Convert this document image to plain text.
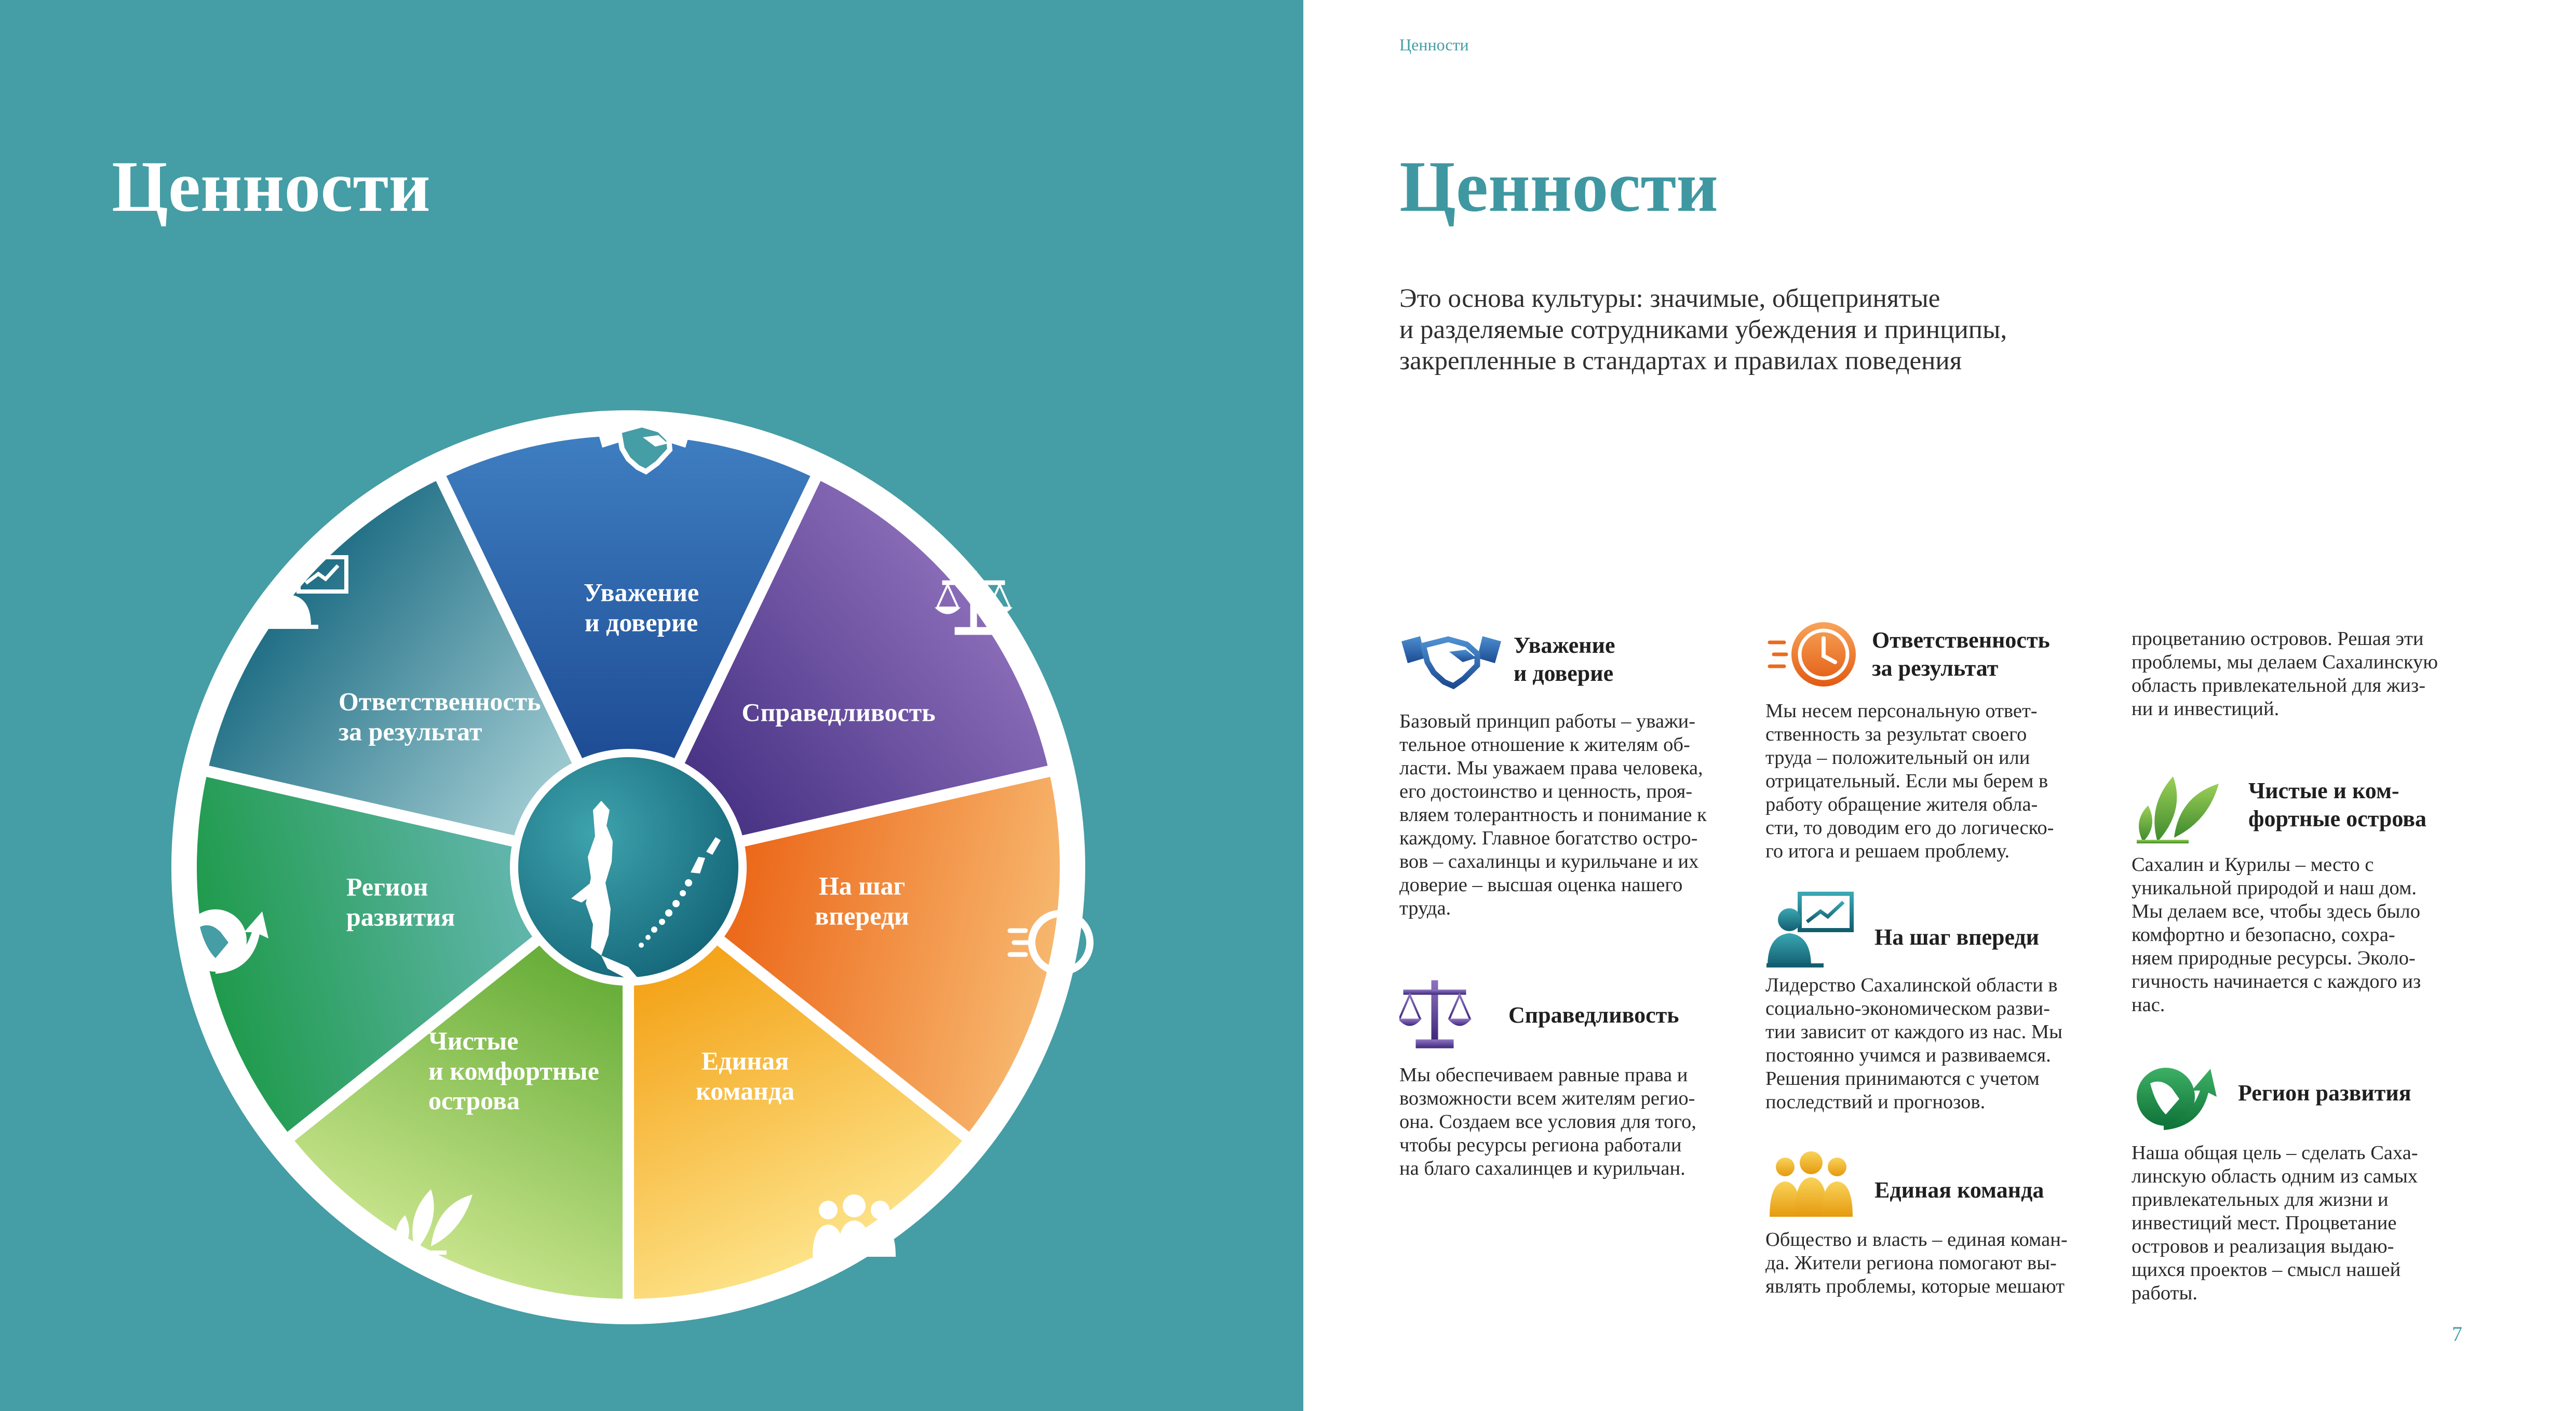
Ценности
Уважение
и доверие
Справедливость
На шаг
впереди
Единая
команда
Чистые
и комфортные
острова
Регион
развития
Ответственность
за результат
Ценности
Ценности

Это основа культуры: значимые, общепринятые
и разделяемые сотрудниками убеждения и принципы,
закрепленные в стандартах и правилах поведения

Уважение
и доверие

Базовый принцип работы – уважи-
тельное отношение к жителям об-
ласти. Мы уважаем права человека,
его достоинство и ценность, проя-
вляем толерантность и понимание к
каждому. Главное богатство остро-
вов – сахалинцы и курильчане и их
доверие – высшая оценка нашего
труда.

Справедливость

Мы обеспечиваем равные права и
возможности всем жителям регио-
она. Создаем все условия для того,
чтобы ресурсы региона работали
на благо сахалинцев и курильчан.

Ответственность
за результат

Мы несем персональную ответ-
ственность за результат своего
труда – положительный он или
отрицательный. Если мы берем в
работу обращение жителя обла-
сти, то доводим его до логическо-
го итога и решаем проблему.

На шаг впереди

Лидерство Сахалинской области в
социально-экономическом разви-
тии зависит от каждого из нас. Мы
постоянно учимся и развиваемся.
Решения принимаются с учетом
последствий и прогнозов.

Единая команда

Общество и власть – единая коман-
да. Жители региона помогают вы-
являть проблемы, которые мешают

процветанию островов. Решая эти
проблемы, мы делаем Сахалинскую
область привлекательной для жиз-
ни и инвестиций.

Чистые и ком-
фортные острова

Сахалин и Курилы – место с
уникальной природой и наш дом.
Мы делаем все, чтобы здесь было
комфортно и безопасно, сохра-
няем природные ресурсы. Эколо-
гичность начинается с каждого из
нас.

Регион развития

Наша общая цель – сделать Саха-
линскую область одним из самых
привлекательных для жизни и
инвестиций мест. Процветание
островов и реализация выдаю-
щихся проектов – смысл нашей
работы.

7
